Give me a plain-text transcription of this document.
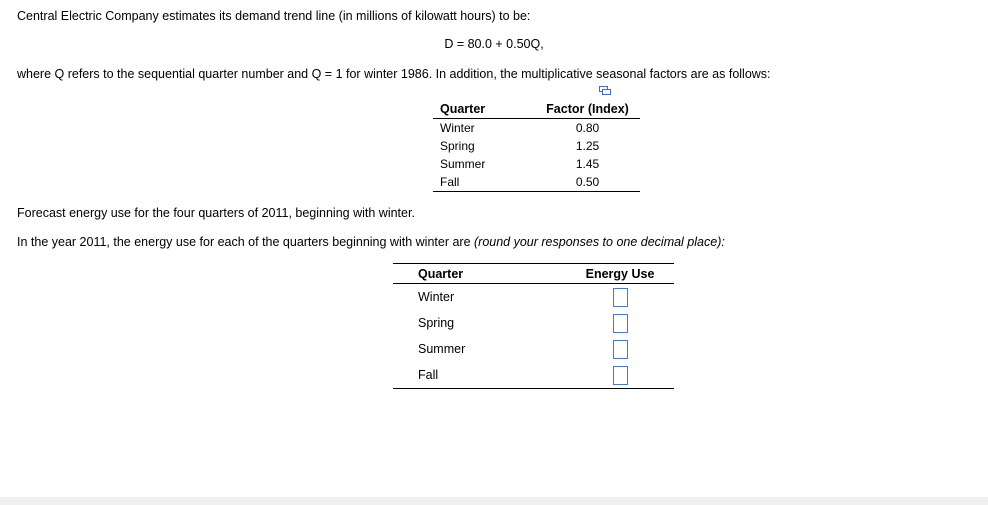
Central Electric Company estimates its demand trend line (in millions of kilowatt hours) to be:
D = 80.0 + 0.50Q,
where Q refers to the sequential quarter number and Q = 1 for winter 1986. In addition, the multiplicative seasonal factors are as follows:
Quarter	Factor (Index)
Winter	0.80
Spring	1.25
Summer	1.45
Fall	0.50
Forecast energy use for the four quarters of 2011, beginning with winter.
In the year 2011, the energy use for each of the quarters beginning with winter are (round your responses to one decimal place):
Quarter	Energy Use
Winter	
Spring	
Summer	
Fall	
